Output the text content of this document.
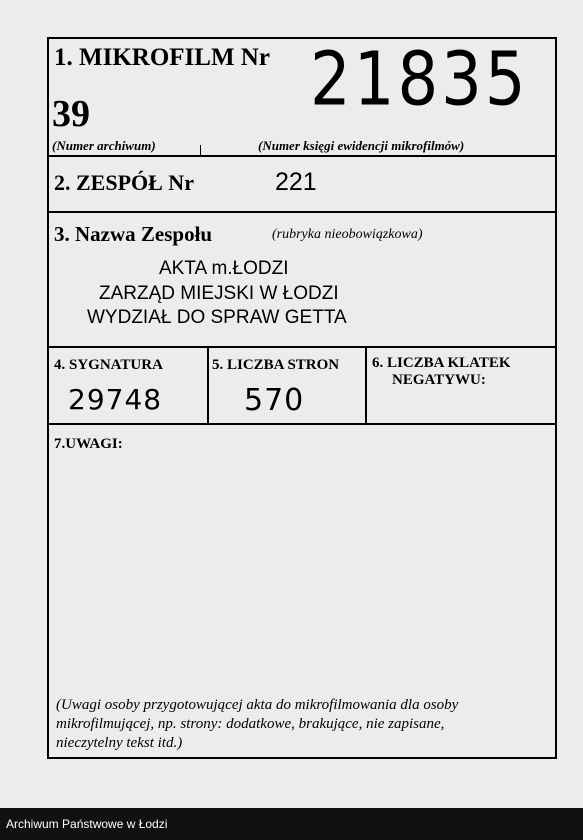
1. MIKROFILM Nr
39
(Numer archiwum)
21835
(Numer księgi ewidencji mikrofilmów)
2. ZESPÓŁ Nr	221
3. Nazwa Zespołu	(rubryka nieobowiązkowa)
AKTA m.ŁODZI
ZARZĄD MIEJSKI W ŁODZI
WYDZIAŁ DO SPRAW GETTA
4. SYGNATURA
29748
5. LICZBA STRON
570
6. LICZBA KLATEK
NEGATYWU:
7.UWAGI:
(Uwagi osoby przygotowującej akta do mikrofilmowania dla osoby
mikrofilmującej, np. strony: dodatkowe, brakujące, nie zapisane,
nieczytelny tekst itd.)
Archiwum Państwowe w Łodzi
